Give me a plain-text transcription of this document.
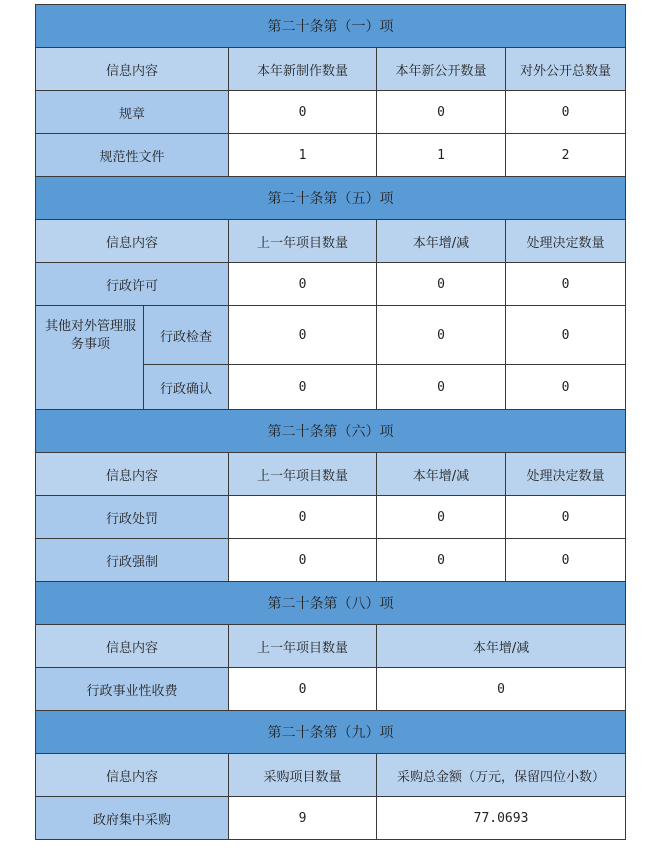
第二十条第（一）项				
信息内容		本年新制作数量	本年新公开数量	对外公开总数量
规章		0	0	0
规范性文件		1	1	2
第二十条第（五）项				
信息内容		上一年项目数量	本年增/减	处理决定数量
行政许可		0	0	0
其他对外管理服务事项	行政检查	0	0	0
	行政确认	0	0	0
第二十条第（六）项				
信息内容		上一年项目数量	本年增/减	处理决定数量
行政处罚		0	0	0
行政强制		0	0	0
第二十条第（八）项				
信息内容		上一年项目数量	本年增/减	
行政事业性收费		0	0	
第二十条第（九）项				
信息内容		采购项目数量	采购总金额（万元，保留四位小数）	
政府集中采购		9	77.0693	
